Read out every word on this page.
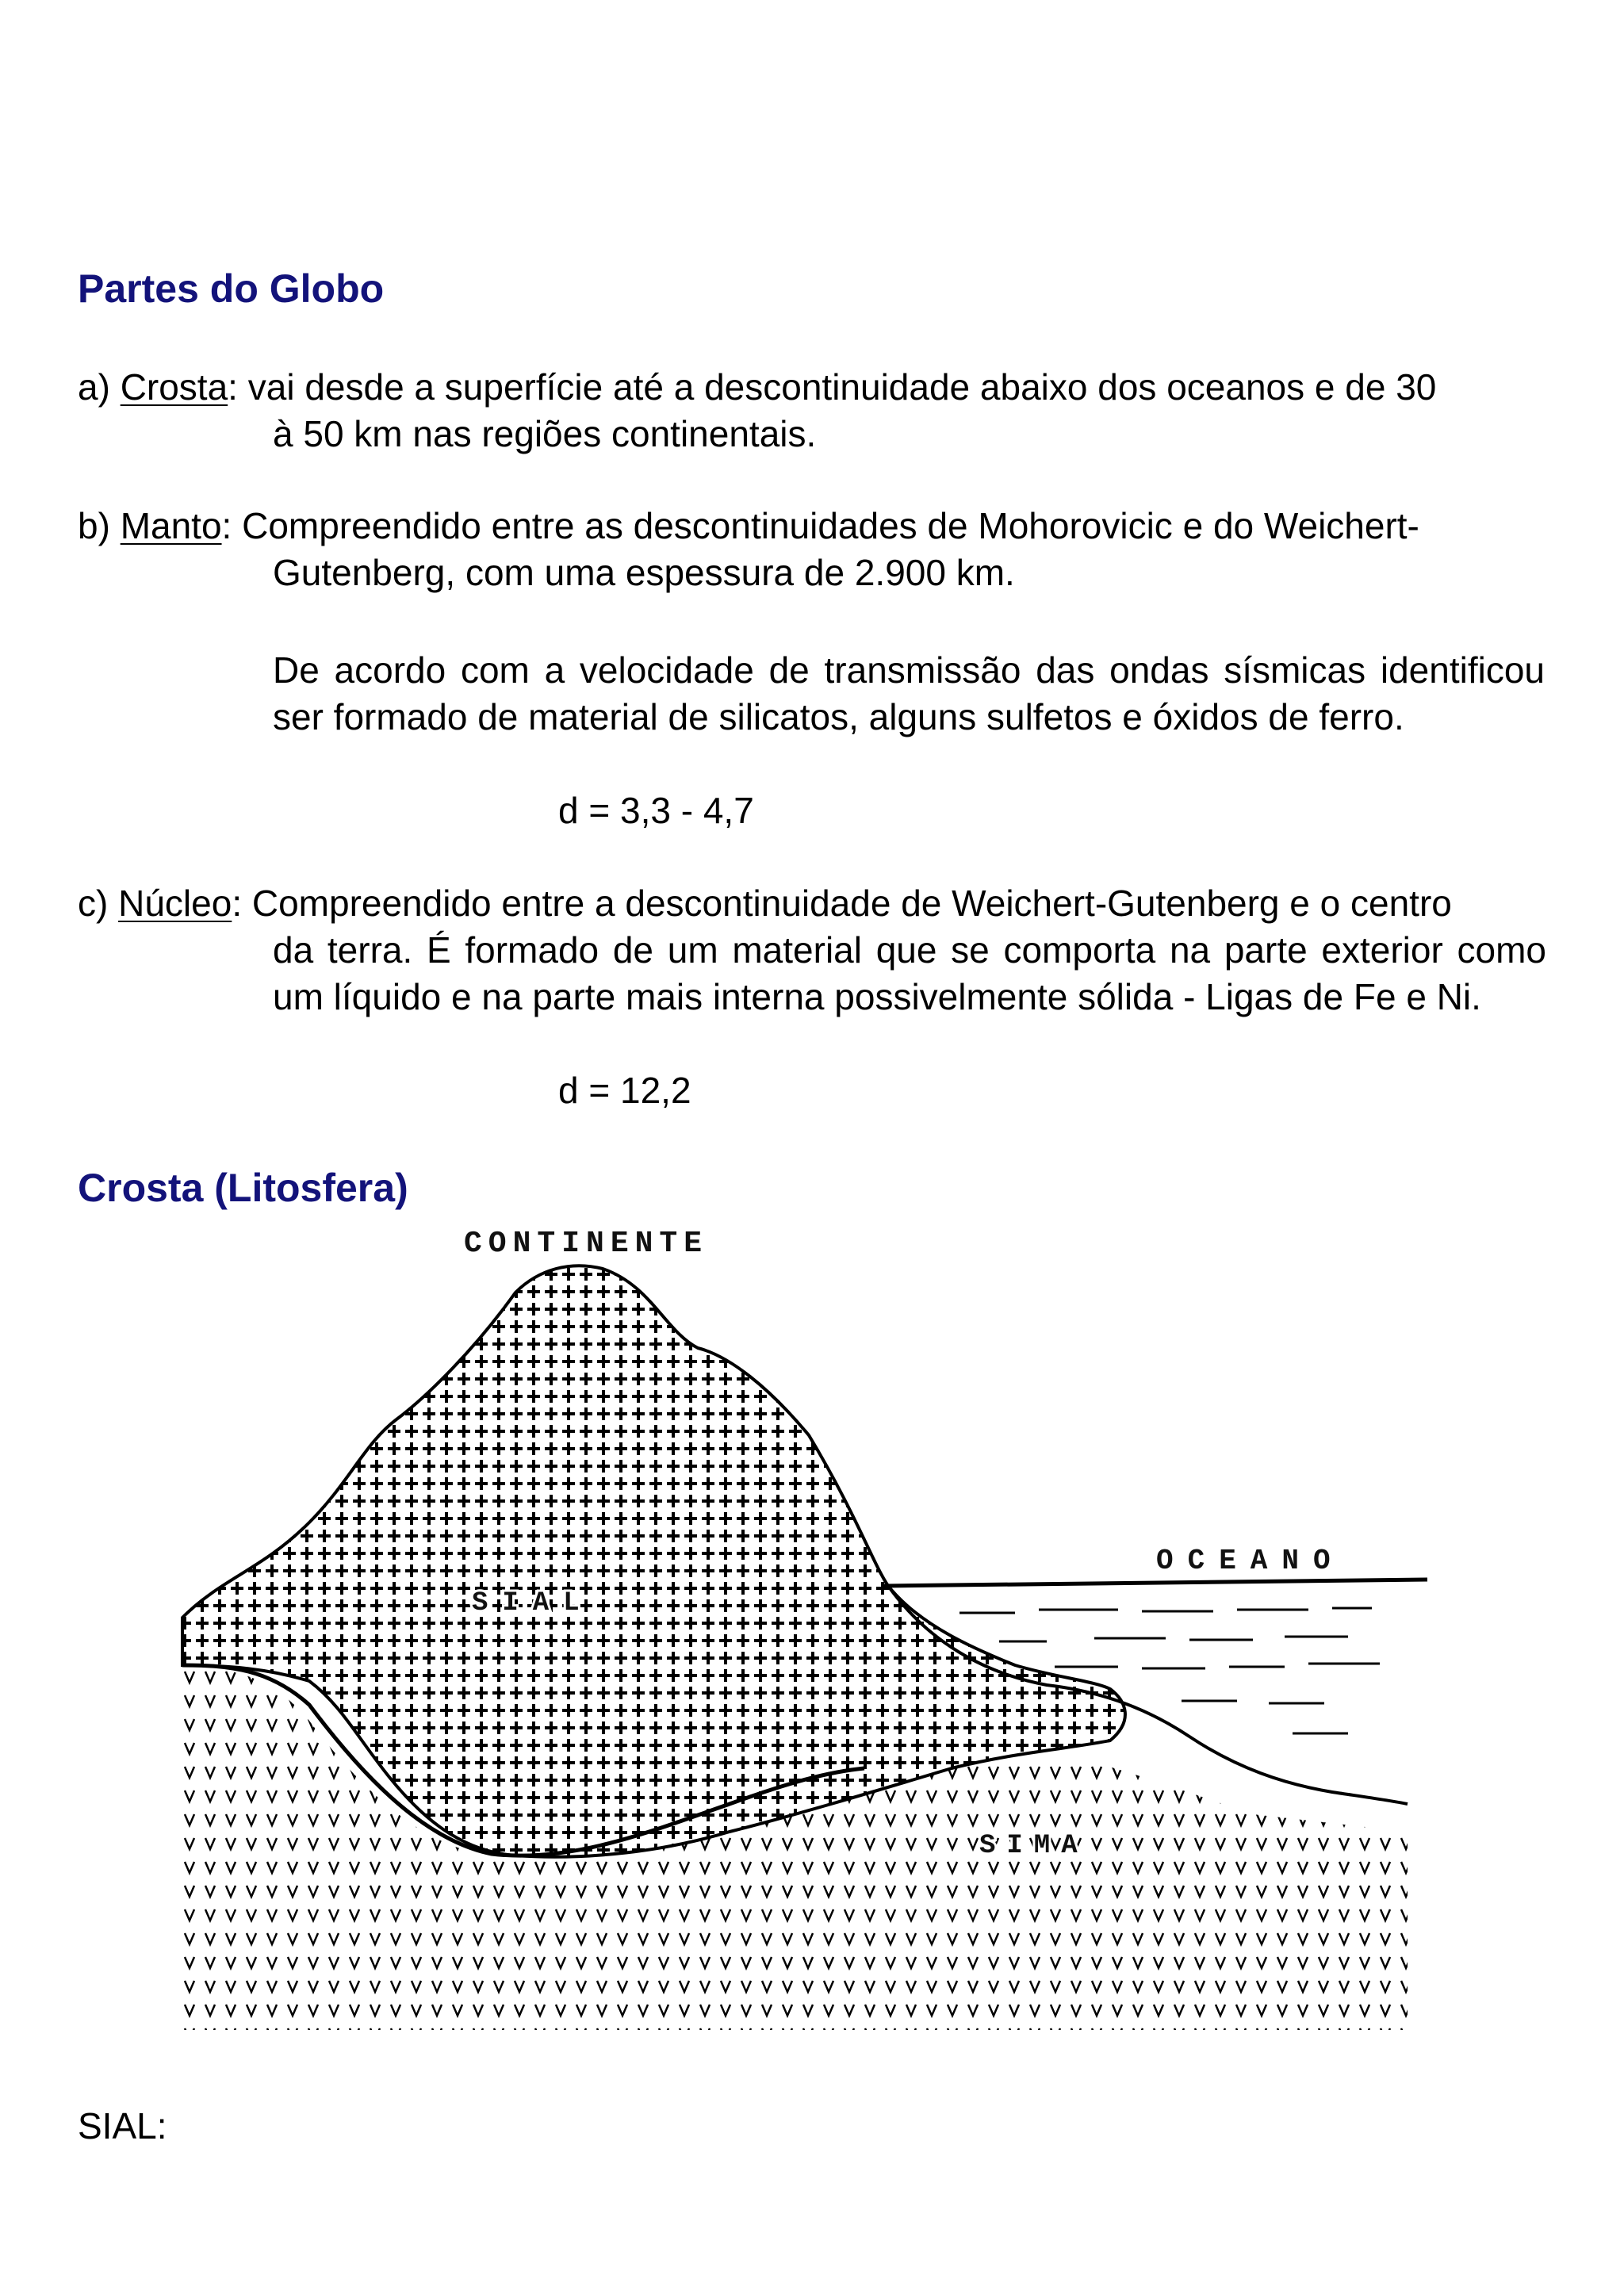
Partes do Globo
a) Crosta: vai desde a superfície até a descontinuidade abaixo dos oceanos e de 30
à 50 km nas regiões continentais.
b) Manto: Compreendido entre as descontinuidades de Mohorovicic e do Weichert-
Gutenberg, com uma espessura de 2.900 km.
De acordo com a velocidade de transmissão das ondas sísmicas identificou ser formado de material de silicatos, alguns sulfetos e óxidos de ferro.
d = 3,3 - 4,7
c) Núcleo: Compreendido entre a descontinuidade de Weichert-Gutenberg e o centro
da terra. É formado de um material que se comporta na parte exterior como um líquido e na parte mais interna possivelmente sólida - Ligas de Fe e Ni.
d = 12,2
Crosta (Litosfera)
CONTINENTE
OCEANO
SIAL
SIMA
SIAL:
